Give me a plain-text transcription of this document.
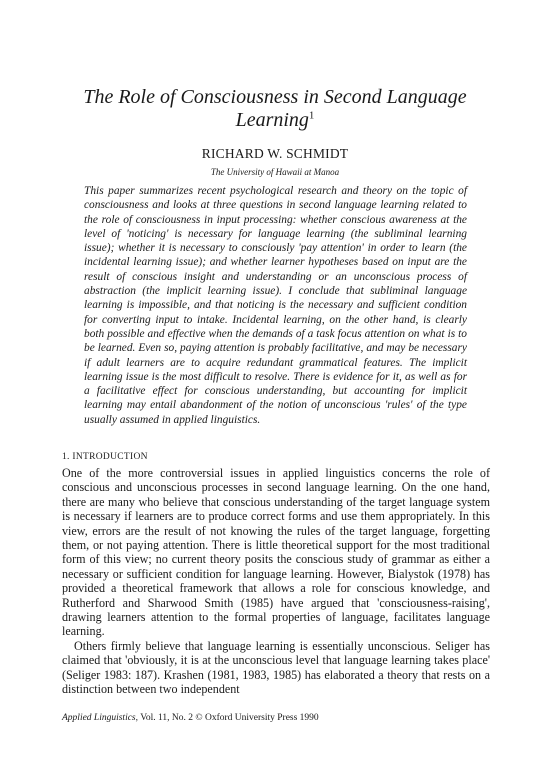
The Role of Consciousness in Second Language
Learning$^1$
RICHARD W. SCHMIDT
The University of Hawaii at Manoa
This paper summarizes recent psychological research and theory on the topic of consciousness and looks at three questions in second language learning related to the role of consciousness in input processing: whether conscious awareness at the level of 'noticing' is necessary for language learning (the subliminal learning issue); whether it is necessary to consciously 'pay attention' in order to learn (the incidental learning issue); and whether learner hypotheses based on input are the result of conscious insight and understanding or an unconscious process of abstraction (the implicit learning issue). I conclude that subliminal language learning is impossible, and that noticing is the necessary and sufficient condition for converting input to intake. Incidental learning, on the other hand, is clearly both possible and effective when the demands of a task focus attention on what is to be learned. Even so, paying attention is probably facilitative, and may be necessary if adult learners are to acquire redundant grammatical features. The implicit learning issue is the most difficult to resolve. There is evidence for it, as well as for a facilitative effect for conscious understanding, but accounting for implicit learning may entail abandonment of the notion of unconscious 'rules' of the type usually assumed in applied linguistics.
1. INTRODUCTION

One of the more controversial issues in applied linguistics concerns the role of conscious and unconscious processes in second language learning. On the one hand, there are many who believe that conscious understanding of the target language system is necessary if learners are to produce correct forms and use them appropriately. In this view, errors are the result of not knowing the rules of the target language, forgetting them, or not paying attention. There is little theoretical support for the most traditional form of this view; no current theory posits the conscious study of grammar as either a necessary or sufficient condition for language learning. However, Bialystok (1978) has provided a theoretical framework that allows a role for conscious knowledge, and Rutherford and Sharwood Smith (1985) have argued that 'consciousness-raising', drawing learners attention to the formal properties of language, facilitates language learning.

Others firmly believe that language learning is essentially unconscious. Seliger has claimed that 'obviously, it is at the unconscious level that language learning takes place' (Seliger 1983: 187). Krashen (1981, 1983, 1985) has elaborated a theory that rests on a distinction between two independent

Applied Linguistics, Vol. 11, No. 2 © Oxford University Press 1990
